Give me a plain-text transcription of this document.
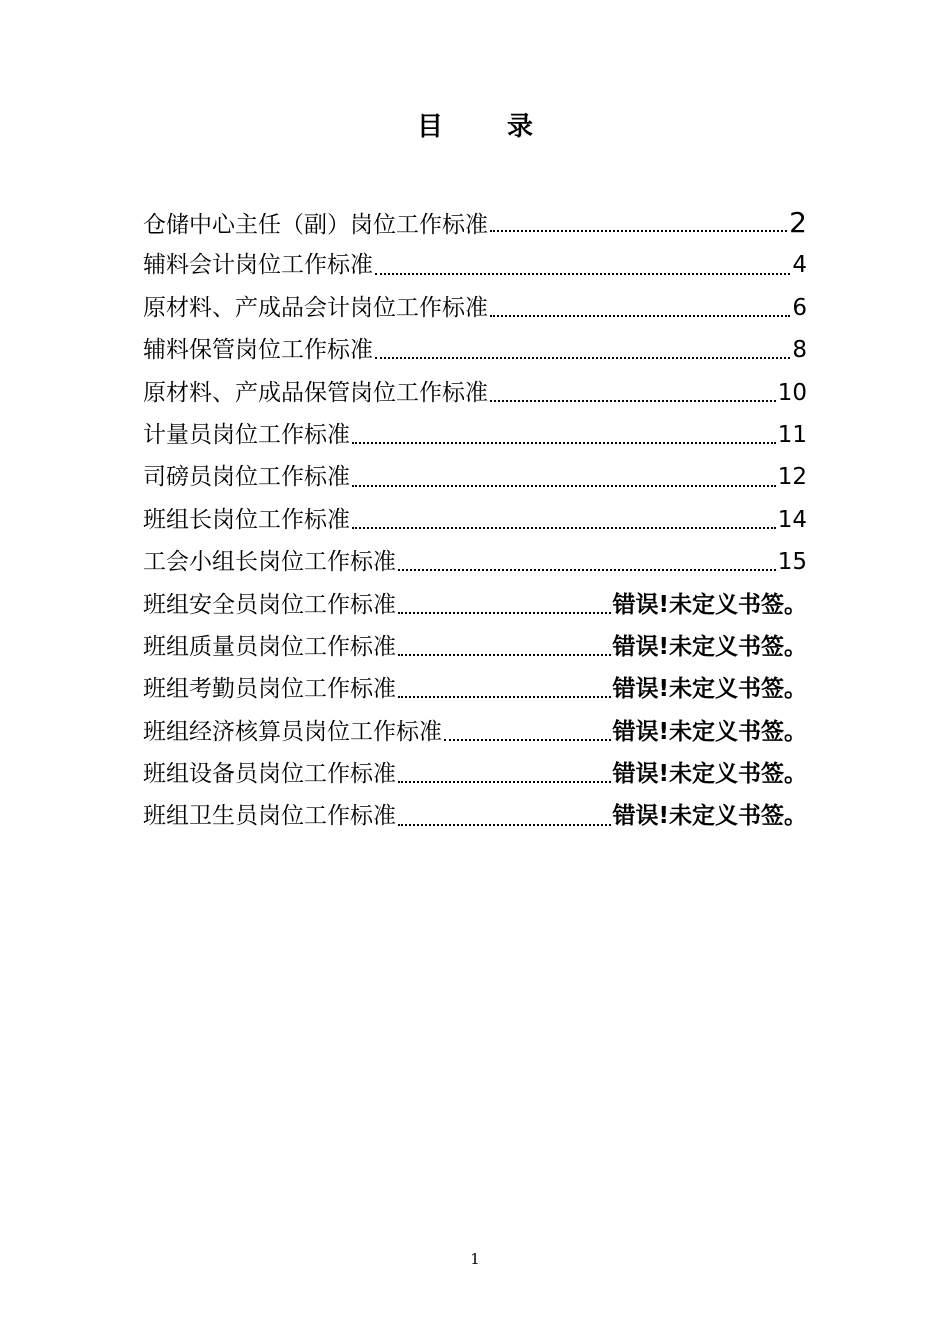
目 录
仓储中心主任（副）岗位工作标准	2
辅料会计岗位工作标准	4
原材料、产成品会计岗位工作标准	6
辅料保管岗位工作标准	8
原材料、产成品保管岗位工作标准	10
计量员岗位工作标准	11
司磅员岗位工作标准	12
班组长岗位工作标准	14
工会小组长岗位工作标准	15
班组安全员岗位工作标准	错误!未定义书签。
班组质量员岗位工作标准	错误!未定义书签。
班组考勤员岗位工作标准	错误!未定义书签。
班组经济核算员岗位工作标准	错误!未定义书签。
班组设备员岗位工作标准	错误!未定义书签。
班组卫生员岗位工作标准	错误!未定义书签。
1
